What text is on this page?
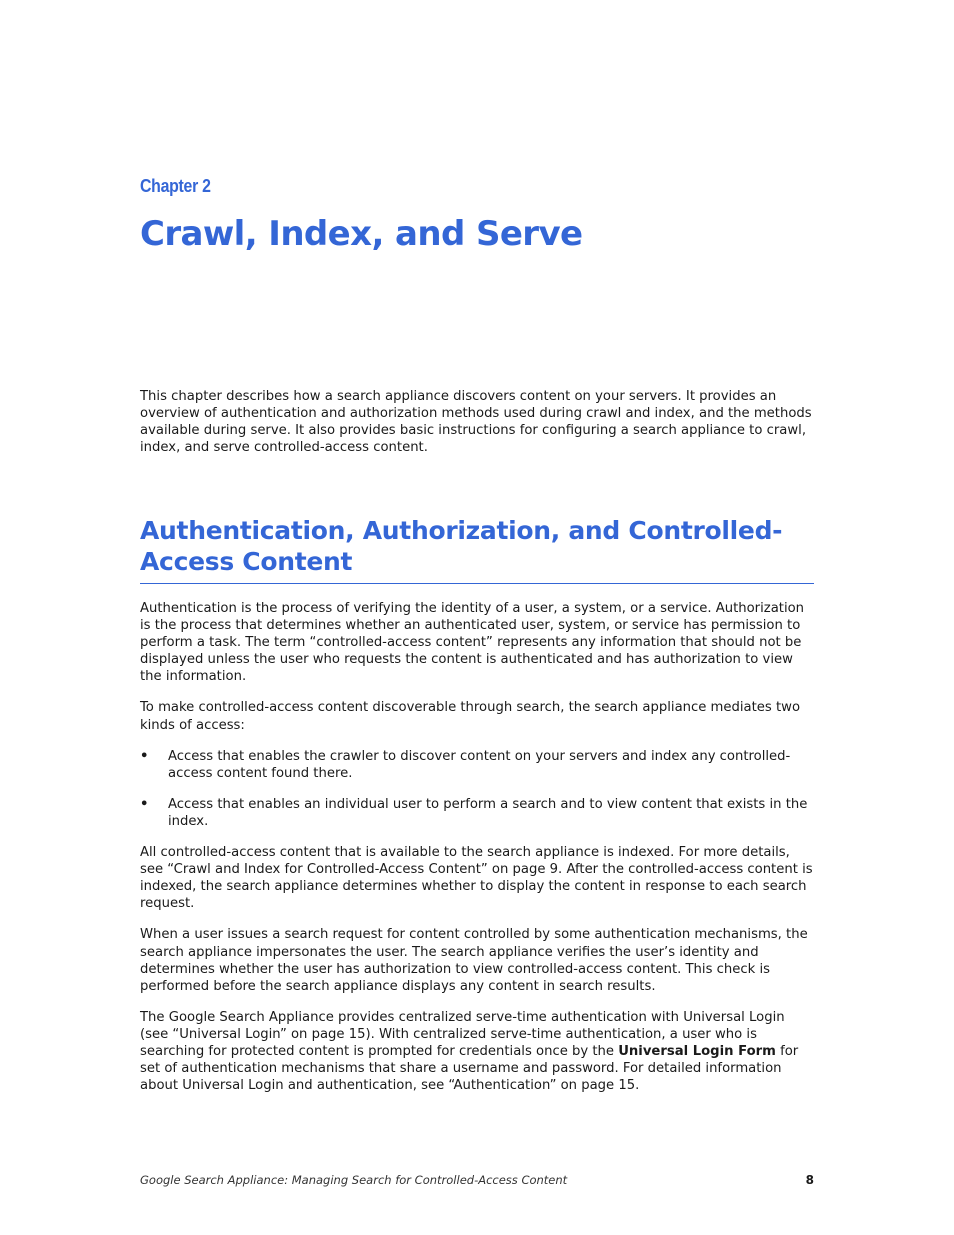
Chapter 2
Crawl, Index, and Serve

This chapter describes how a search appliance discovers content on your servers. It provides an overview of authentication and authorization methods used during crawl and index, and the methods available during serve. It also provides basic instructions for configuring a search appliance to crawl, index, and serve controlled-access content.

Authentication, Authorization, and Controlled-Access Content

Authentication is the process of verifying the identity of a user, a system, or a service. Authorization is the process that determines whether an authenticated user, system, or service has permission to perform a task. The term “controlled-access content” represents any information that should not be displayed unless the user who requests the content is authenticated and has authorization to view the information.

To make controlled-access content discoverable through search, the search appliance mediates two kinds of access:

• Access that enables the crawler to discover content on your servers and index any controlled-access content found there.
• Access that enables an individual user to perform a search and to view content that exists in the index.

All controlled-access content that is available to the search appliance is indexed. For more details, see “Crawl and Index for Controlled-Access Content” on page 9. After the controlled-access content is indexed, the search appliance determines whether to display the content in response to each search request.

When a user issues a search request for content controlled by some authentication mechanisms, the search appliance impersonates the user. The search appliance verifies the user’s identity and determines whether the user has authorization to view controlled-access content. This check is performed before the search appliance displays any content in search results.

The Google Search Appliance provides centralized serve-time authentication with Universal Login (see “Universal Login” on page 15). With centralized serve-time authentication, a user who is searching for protected content is prompted for credentials once by the Universal Login Form for set of authentication mechanisms that share a username and password. For detailed information about Universal Login and authentication, see “Authentication” on page 15.

Google Search Appliance: Managing Search for Controlled-Access Content	8
